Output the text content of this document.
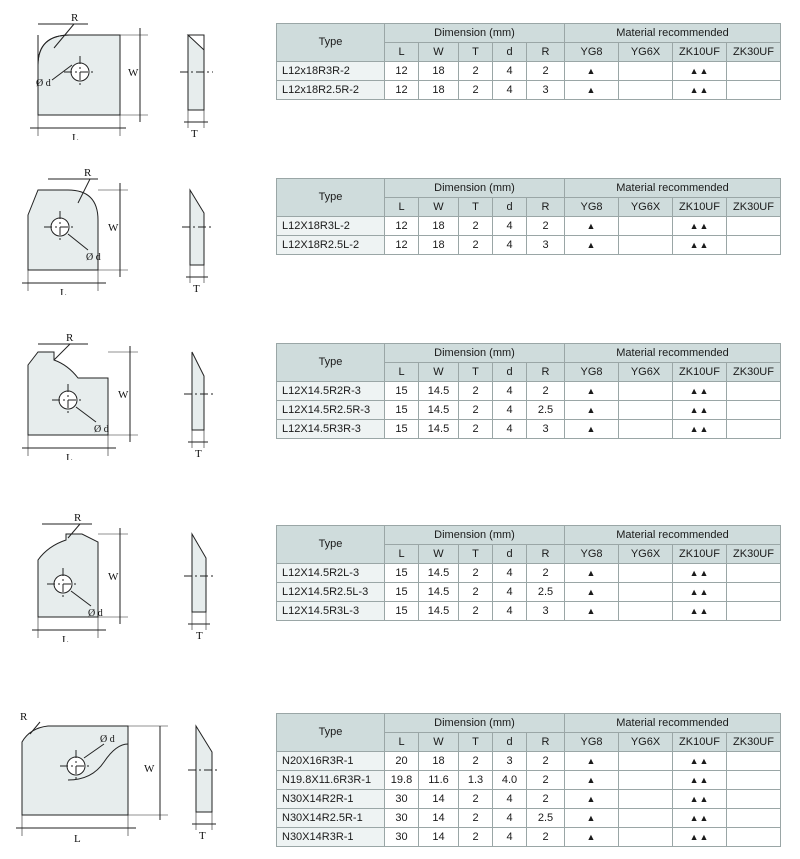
R
W
L	T
Ø d
Type	Dimension (mm)					Material recommended			
	L	W	T	d	R	YG8	YG6X	ZK10UF	ZK30UF
L12x18R3R-2	12	18	2	4	2	▲		▲▲	
L12x18R2.5R-2	12	18	2	4	3	▲		▲▲	
R
W
L	T
Ø d
Type	Dimension (mm)					Material recommended			
	L	W	T	d	R	YG8	YG6X	ZK10UF	ZK30UF
L12X18R3L-2	12	18	2	4	2	▲		▲▲	
L12X18R2.5L-2	12	18	2	4	3	▲		▲▲	
R
W
L	T
Ø d
Type	Dimension (mm)					Material recommended			
	L	W	T	d	R	YG8	YG6X	ZK10UF	ZK30UF
L12X14.5R2R-3	15	14.5	2	4	2	▲		▲▲	
L12X14.5R2.5R-3	15	14.5	2	4	2.5	▲		▲▲	
L12X14.5R3R-3	15	14.5	2	4	3	▲		▲▲	
R
W
L	T
Ø d
Type	Dimension (mm)					Material recommended			
	L	W	T	d	R	YG8	YG6X	ZK10UF	ZK30UF
L12X14.5R2L-3	15	14.5	2	4	2	▲		▲▲	
L12X14.5R2.5L-3	15	14.5	2	4	2.5	▲		▲▲	
L12X14.5R3L-3	15	14.5	2	4	3	▲		▲▲	
R
W
L	T
Ø d
Type	Dimension (mm)					Material recommended			
	L	W	T	d	R	YG8	YG6X	ZK10UF	ZK30UF
N20X16R3R-1	20	18	2	3	2	▲		▲▲	
N19.8X11.6R3R-1	19.8	11.6	1.3	4.0	2	▲		▲▲	
N30X14R2R-1	30	14	2	4	2	▲		▲▲	
N30X14R2.5R-1	30	14	2	4	2.5	▲		▲▲	
N30X14R3R-1	30	14	2	4	2	▲		▲▲	
